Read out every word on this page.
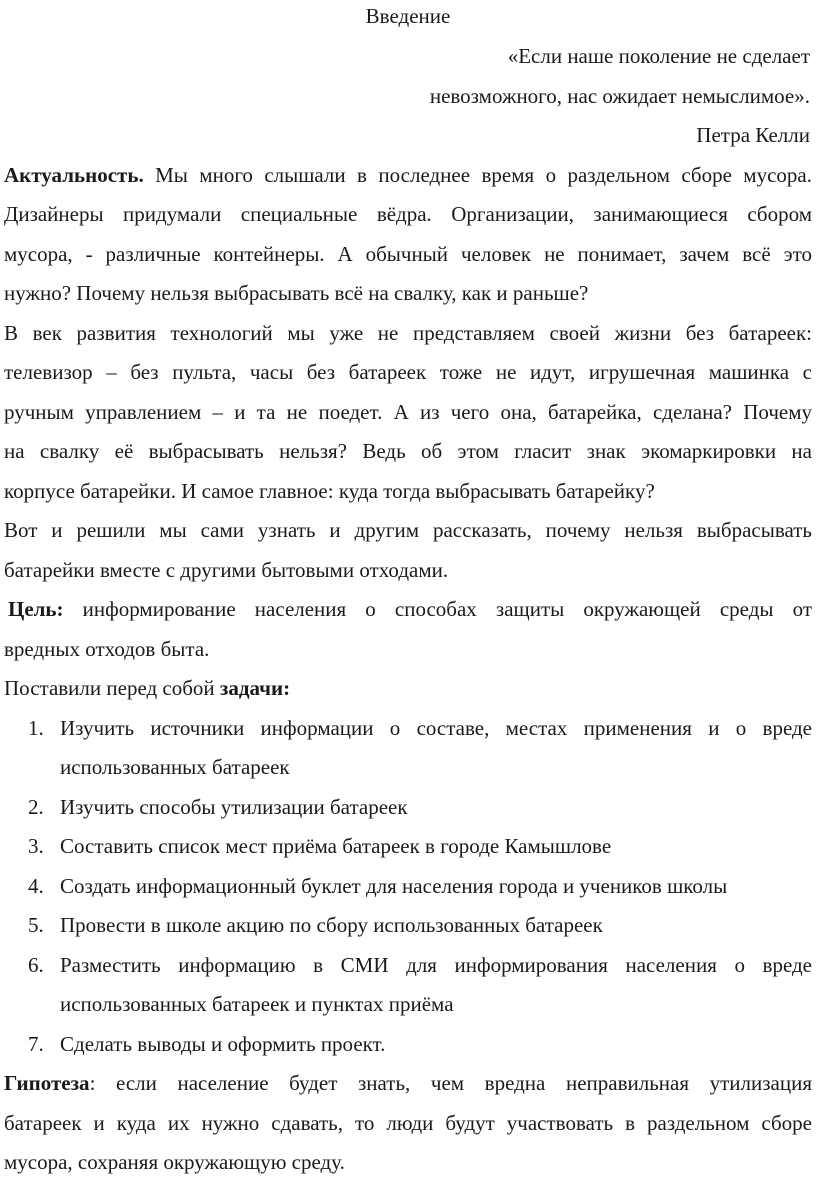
Введение
«Если наше поколение не сделает
невозможного, нас ожидает немыслимое».
Петра Келли
Актуальность. Мы много слышали в последнее время о раздельном сборе мусора.
Дизайнеры придумали специальные вёдра. Организации, занимающиеся сбором
мусора, - различные контейнеры. А обычный человек не понимает, зачем всё это
нужно? Почему нельзя выбрасывать всё на свалку, как и раньше?
В век развития технологий мы уже не представляем своей жизни без батареек:
телевизор – без пульта, часы без батареек тоже не идут, игрушечная машинка с
ручным управлением – и та не поедет. А из чего она, батарейка, сделана? Почему
на свалку её выбрасывать нельзя? Ведь об этом гласит знак экомаркировки на
корпусе батарейки. И самое главное: куда тогда выбрасывать батарейку?
Вот и решили мы сами узнать и другим рассказать, почему нельзя выбрасывать
батарейки вместе с другими бытовыми отходами.
Цель: информирование населения о способах защиты окружающей среды от
вредных отходов быта.
Поставили перед собой задачи:
1. Изучить источники информации о составе, местах применения и о вреде
использованных батареек
2. Изучить способы утилизации батареек
3. Составить список мест приёма батареек в городе Камышлове
4. Создать информационный буклет для населения города и учеников школы
5. Провести в школе акцию по сбору использованных батареек
6. Разместить информацию в СМИ для информирования населения о вреде
использованных батареек и пунктах приёма
7. Сделать выводы и оформить проект.
Гипотеза: если население будет знать, чем вредна неправильная утилизация
батареек и куда их нужно сдавать, то люди будут участвовать в раздельном сборе
мусора, сохраняя окружающую среду.
